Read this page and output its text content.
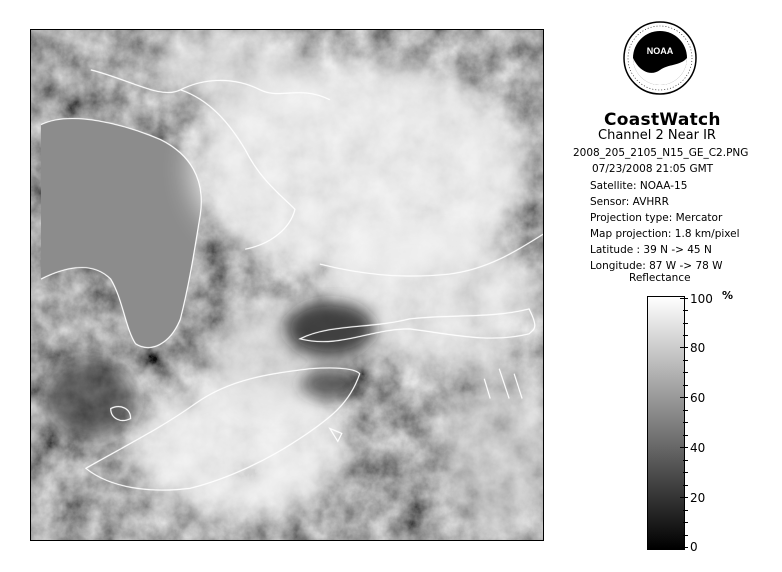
NOAA
CoastWatch
Channel 2 Near IR
2008_205_2105_N15_GE_C2.PNG
07/23/2008 21:05 GMT
Satellite: NOAA-15
Sensor: AVHRR
Projection type: Mercator
Map projection: 1.8 km/pixel
Latitude : 39 N -> 45 N
Longitude: 87 W -> 78 W
Reflectance
%
100
80
60
40
20
0
